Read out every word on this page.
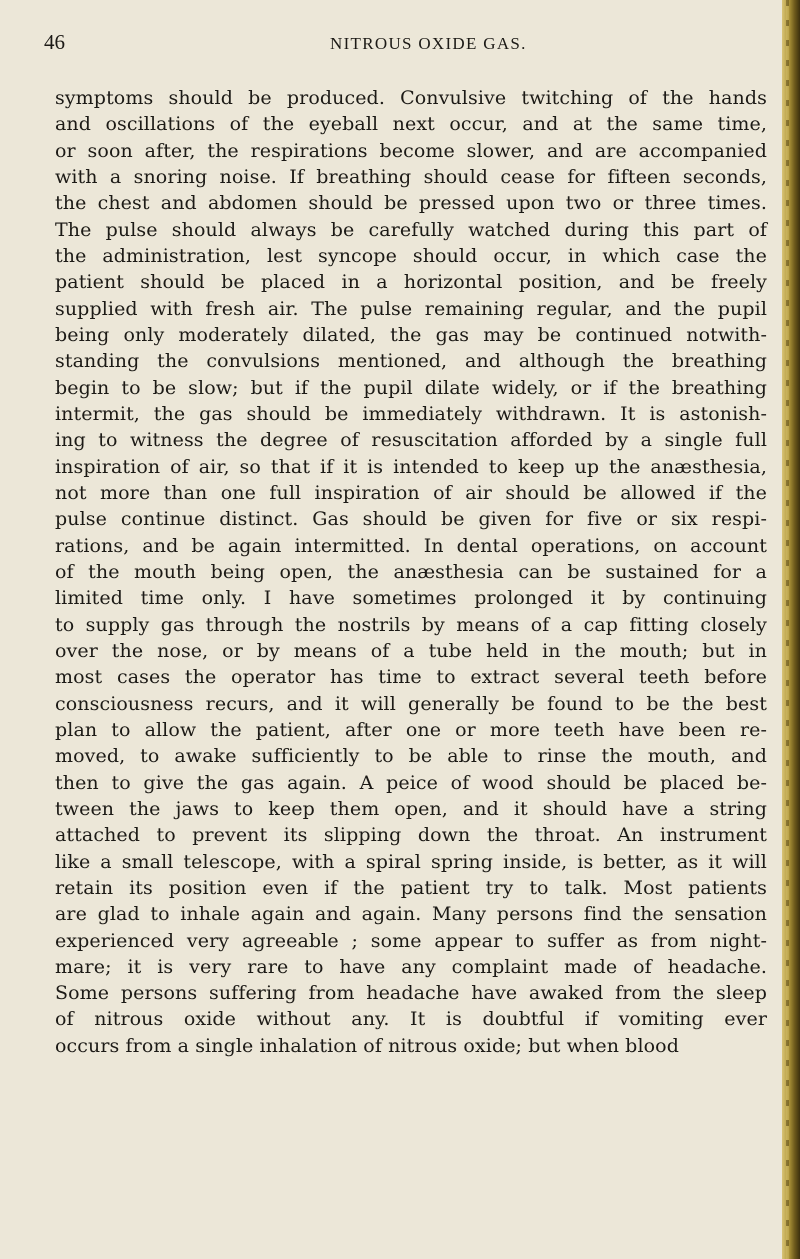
46	NITROUS OXIDE GAS.
symptoms should be produced. Convulsive twitching of the hands
and oscillations of the eyeball next occur, and at the same time,
or soon after, the respirations become slower, and are accompanied
with a snoring noise. If breathing should cease for fifteen seconds,
the chest and abdomen should be pressed upon two or three times.
The pulse should always be carefully watched during this part of
the administration, lest syncope should occur, in which case the
patient should be placed in a horizontal position, and be freely
supplied with fresh air. The pulse remaining regular, and the pupil
being only moderately dilated, the gas may be continued notwith-
standing the convulsions mentioned, and although the breathing
begin to be slow; but if the pupil dilate widely, or if the breathing
intermit, the gas should be immediately withdrawn. It is astonish-
ing to witness the degree of resuscitation afforded by a single full
inspiration of air, so that if it is intended to keep up the anæsthesia,
not more than one full inspiration of air should be allowed if the
pulse continue distinct. Gas should be given for five or six respi-
rations, and be again intermitted. In dental operations, on account
of the mouth being open, the anæsthesia can be sustained for a
limited time only. I have sometimes prolonged it by continuing
to supply gas through the nostrils by means of a cap fitting closely
over the nose, or by means of a tube held in the mouth; but in
most cases the operator has time to extract several teeth before
consciousness recurs, and it will generally be found to be the best
plan to allow the patient, after one or more teeth have been re-
moved, to awake sufficiently to be able to rinse the mouth, and
then to give the gas again. A peice of wood should be placed be-
tween the jaws to keep them open, and it should have a string
attached to prevent its slipping down the throat. An instrument
like a small telescope, with a spiral spring inside, is better, as it will
retain its position even if the patient try to talk. Most patients
are glad to inhale again and again. Many persons find the sensation
experienced very agreeable ; some appear to suffer as from night-
mare; it is very rare to have any complaint made of headache.
Some persons suffering from headache have awaked from the sleep
of nitrous oxide without any. It is doubtful if vomiting ever
occurs from a single inhalation of nitrous oxide; but when blood
